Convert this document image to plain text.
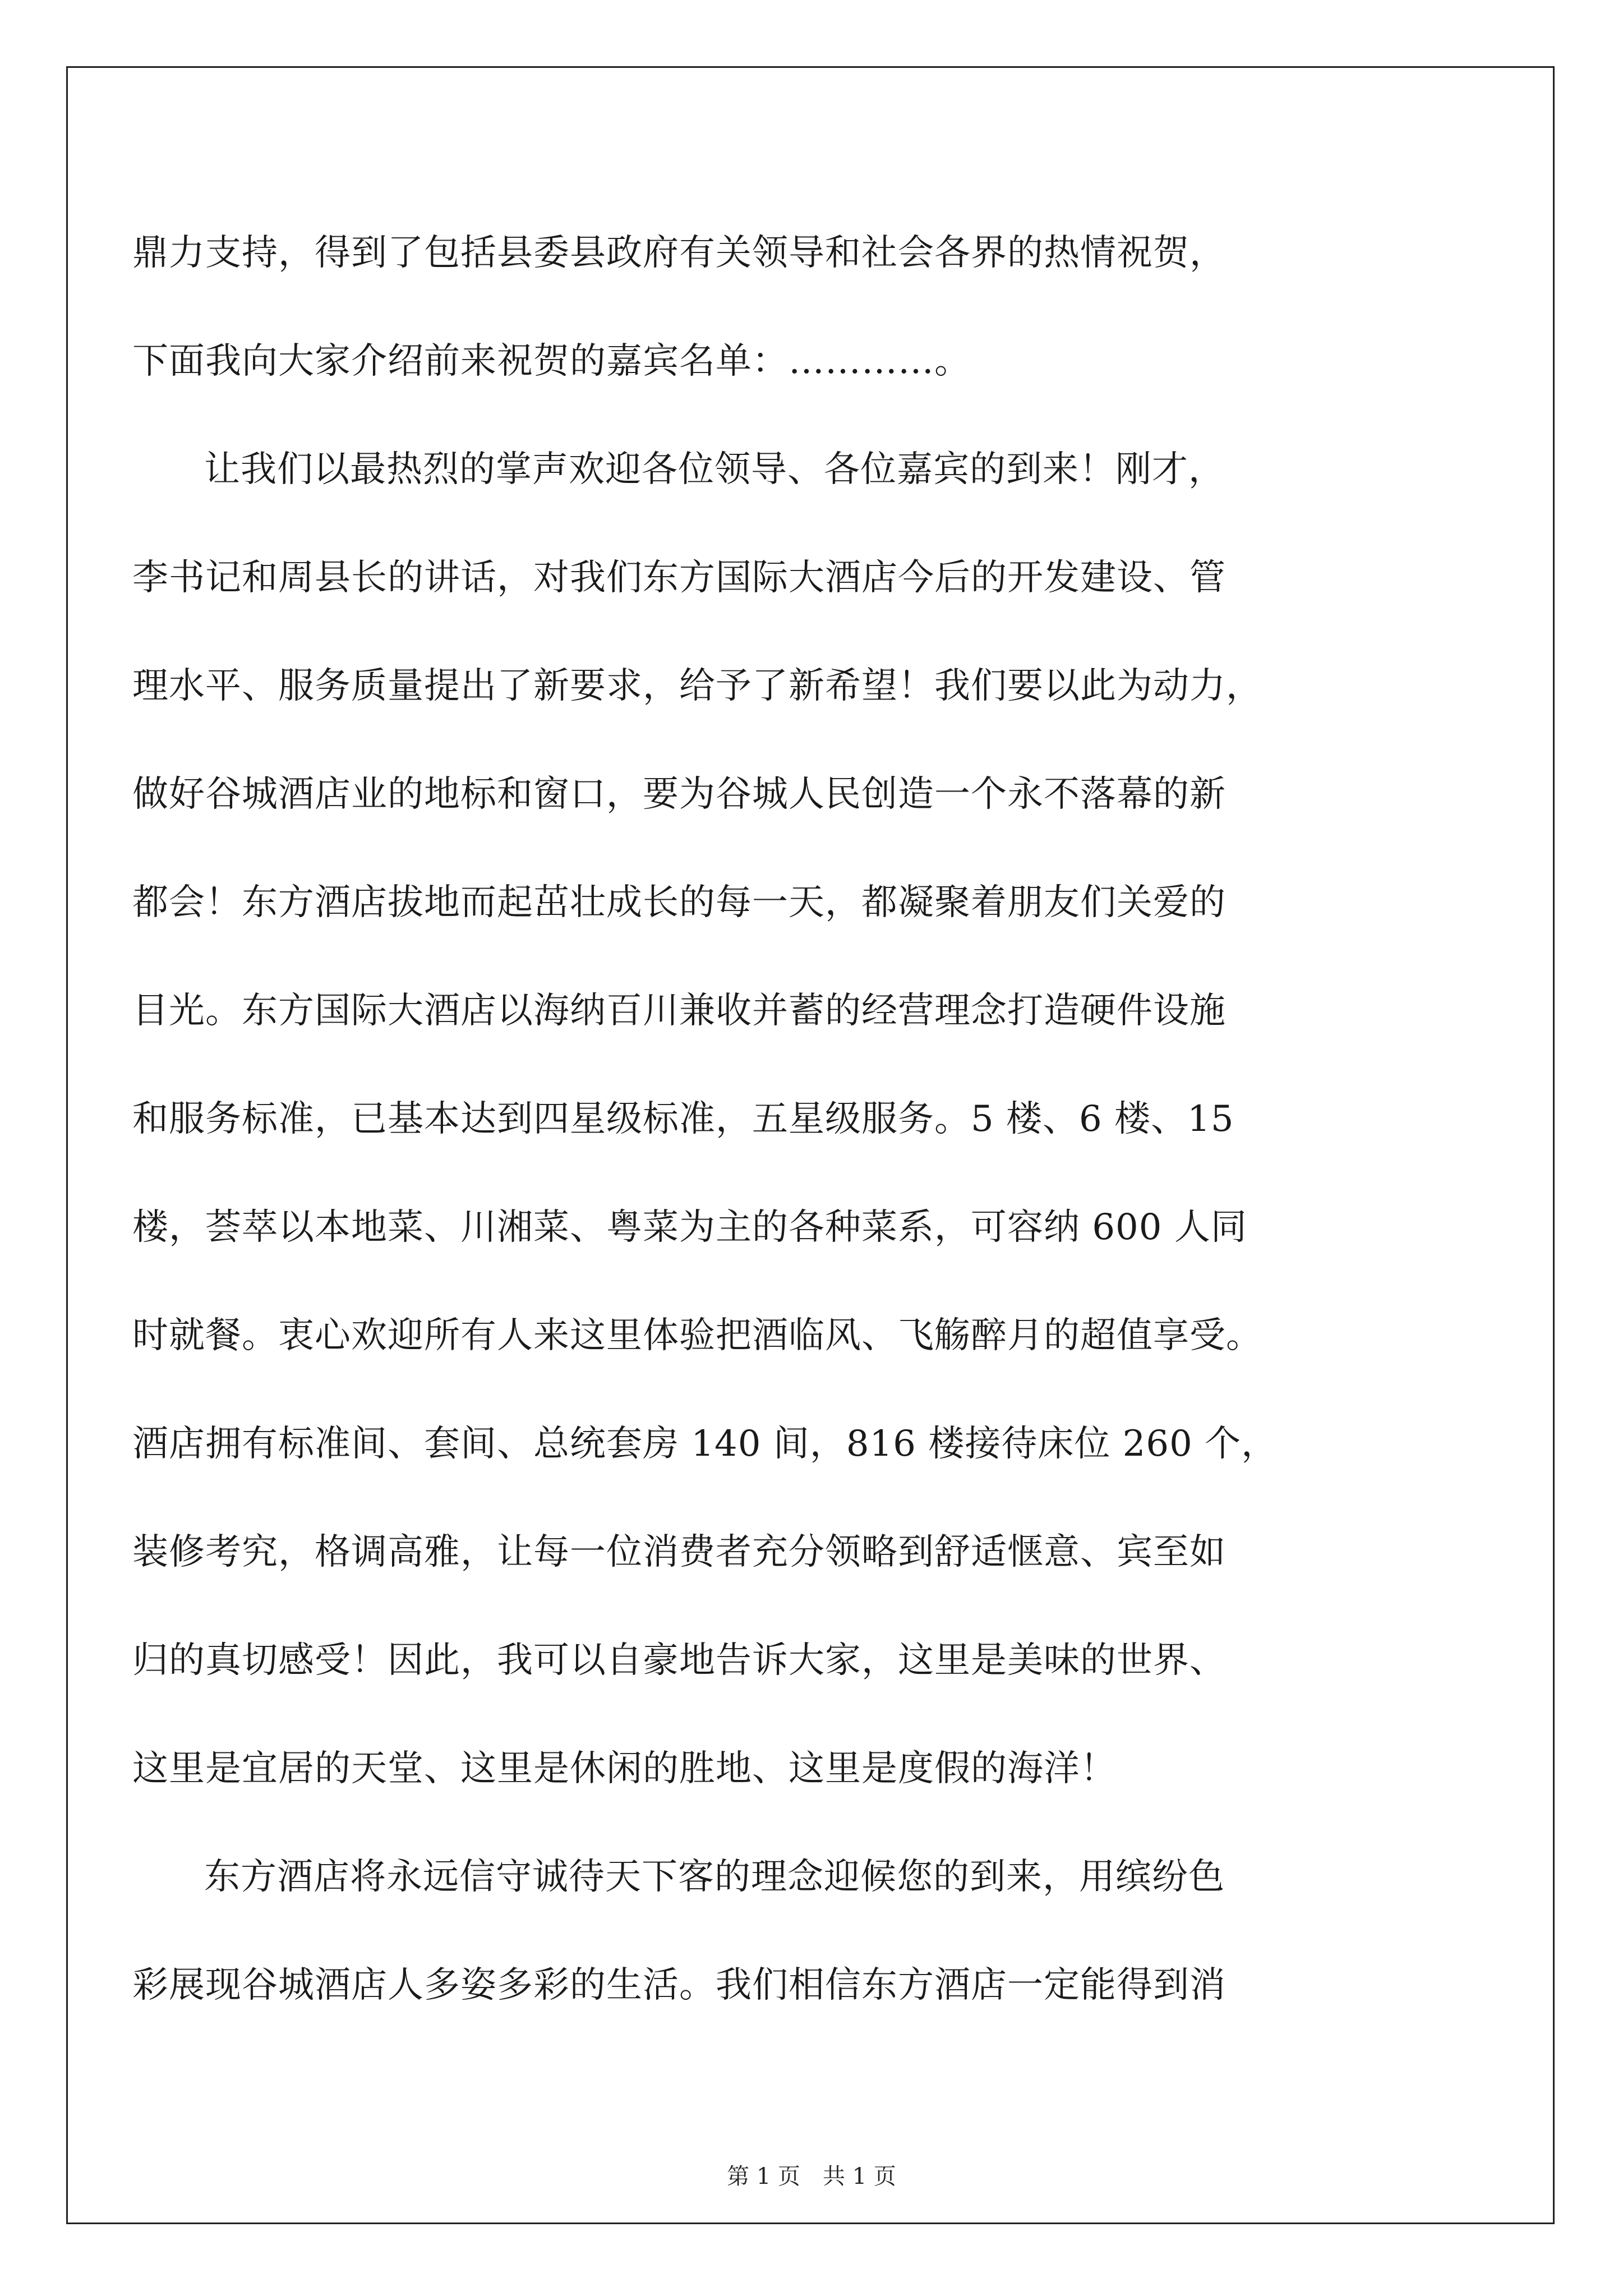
鼎力支持，得到了包括县委县政府有关领导和社会各界的热情祝贺，
下面我向大家介绍前来祝贺的嘉宾名单：…………。
让我们以最热烈的掌声欢迎各位领导、各位嘉宾的到来！刚才，
李书记和周县长的讲话，对我们东方国际大酒店今后的开发建设、管
理水平、服务质量提出了新要求，给予了新希望！我们要以此为动力，
做好谷城酒店业的地标和窗口，要为谷城人民创造一个永不落幕的新
都会！东方酒店拔地而起茁壮成长的每一天，都凝聚着朋友们关爱的
目光。东方国际大酒店以海纳百川兼收并蓄的经营理念打造硬件设施
和服务标准，已基本达到四星级标准，五星级服务。5 楼、6 楼、15
楼，荟萃以本地菜、川湘菜、粤菜为主的各种菜系，可容纳 600 人同
时就餐。衷心欢迎所有人来这里体验把酒临风、飞觞醉月的超值享受。
酒店拥有标准间、套间、总统套房 140 间，816 楼接待床位 260 个，
装修考究，格调高雅，让每一位消费者充分领略到舒适惬意、宾至如
归的真切感受！因此，我可以自豪地告诉大家，这里是美味的世界、
这里是宜居的天堂、这里是休闲的胜地、这里是度假的海洋！
东方酒店将永远信守诚待天下客的理念迎候您的到来，用缤纷色
彩展现谷城酒店人多姿多彩的生活。我们相信东方酒店一定能得到消
第 1 页 共 1 页
